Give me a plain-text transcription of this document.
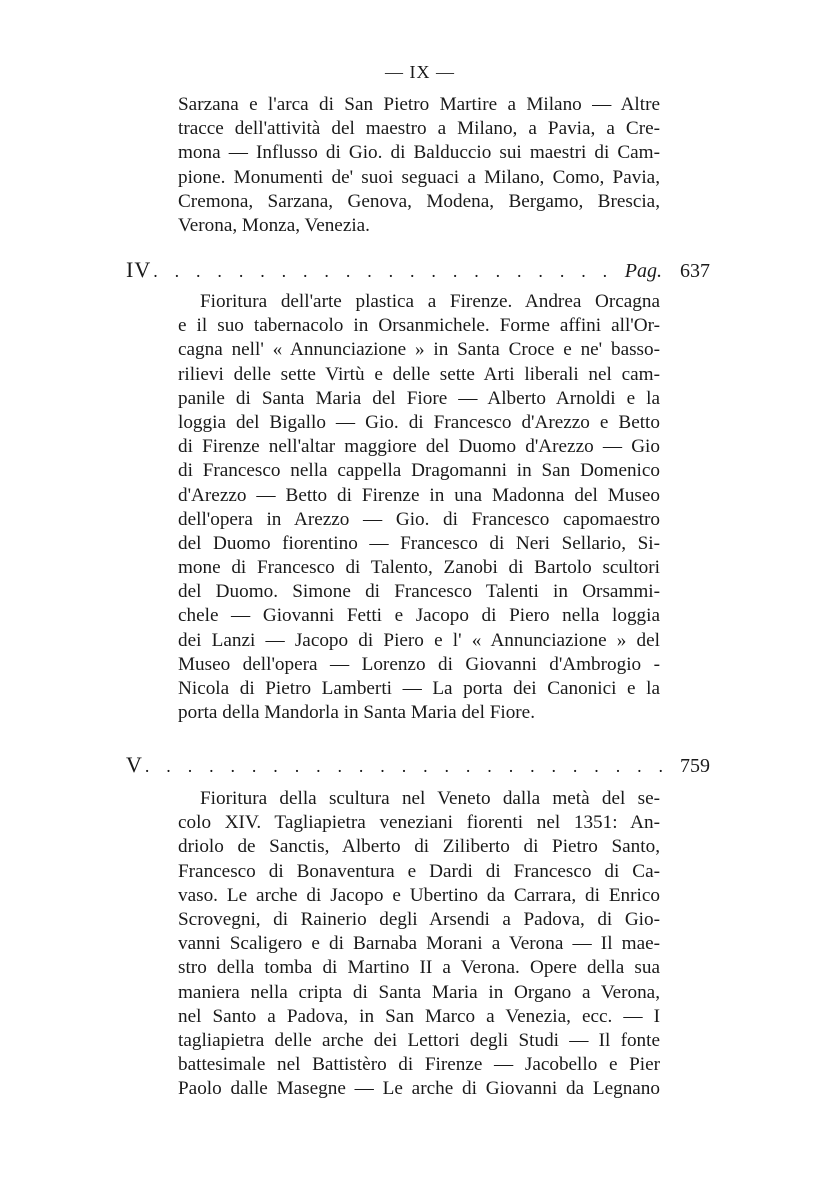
— IX —
Sarzana e l'arca di San Pietro Martire a Milano — Altre
tracce dell'attività del maestro a Milano, a Pavia, a Cre-
mona — Influsso di Gio. di Balduccio sui maestri di Cam-
pione. Monumenti de' suoi seguaci a Milano, Como, Pavia,
Cremona, Sarzana, Genova, Modena, Bergamo, Brescia,
Verona, Monza, Venezia.
IV . . .	Pag. 637
Fioritura dell'arte plastica a Firenze. Andrea Orcagna
e il suo tabernacolo in Orsanmichele. Forme affini all'Or-
cagna nell' « Annunciazione » in Santa Croce e ne' basso-
rilievi delle sette Virtù e delle sette Arti liberali nel cam-
panile di Santa Maria del Fiore — Alberto Arnoldi e la
loggia del Bigallo — Gio. di Francesco d'Arezzo e Betto
di Firenze nell'altar maggiore del Duomo d'Arezzo — Gio
di Francesco nella cappella Dragomanni in San Domenico
d'Arezzo — Betto di Firenze in una Madonna del Museo
dell'opera in Arezzo — Gio. di Francesco capomaestro
del Duomo fiorentino — Francesco di Neri Sellario, Si-
mone di Francesco di Talento, Zanobi di Bartolo scultori
del Duomo. Simone di Francesco Talenti in Orsammi-
chele — Giovanni Fetti e Jacopo di Piero nella loggia
dei Lanzi — Jacopo di Piero e l' « Annunciazione » del
Museo dell'opera — Lorenzo di Giovanni d'Ambrogio -
Nicola di Pietro Lamberti — La porta dei Canonici e la
porta della Mandorla in Santa Maria del Fiore.
V . . .	759
Fioritura della scultura nel Veneto dalla metà del se-
colo XIV. Tagliapietra veneziani fiorenti nel 1351: An-
driolo de Sanctis, Alberto di Ziliberto di Pietro Santo,
Francesco di Bonaventura e Dardi di Francesco di Ca-
vaso. Le arche di Jacopo e Ubertino da Carrara, di Enrico
Scrovegni, di Rainerio degli Arsendi a Padova, di Gio-
vanni Scaligero e di Barnaba Morani a Verona — Il mae-
stro della tomba di Martino II a Verona. Opere della sua
maniera nella cripta di Santa Maria in Organo a Verona,
nel Santo a Padova, in San Marco a Venezia, ecc. — I
tagliapietra delle arche dei Lettori degli Studi — Il fonte
battesimale nel Battistèro di Firenze — Jacobello e Pier
Paolo dalle Masegne — Le arche di Giovanni da Legnano
